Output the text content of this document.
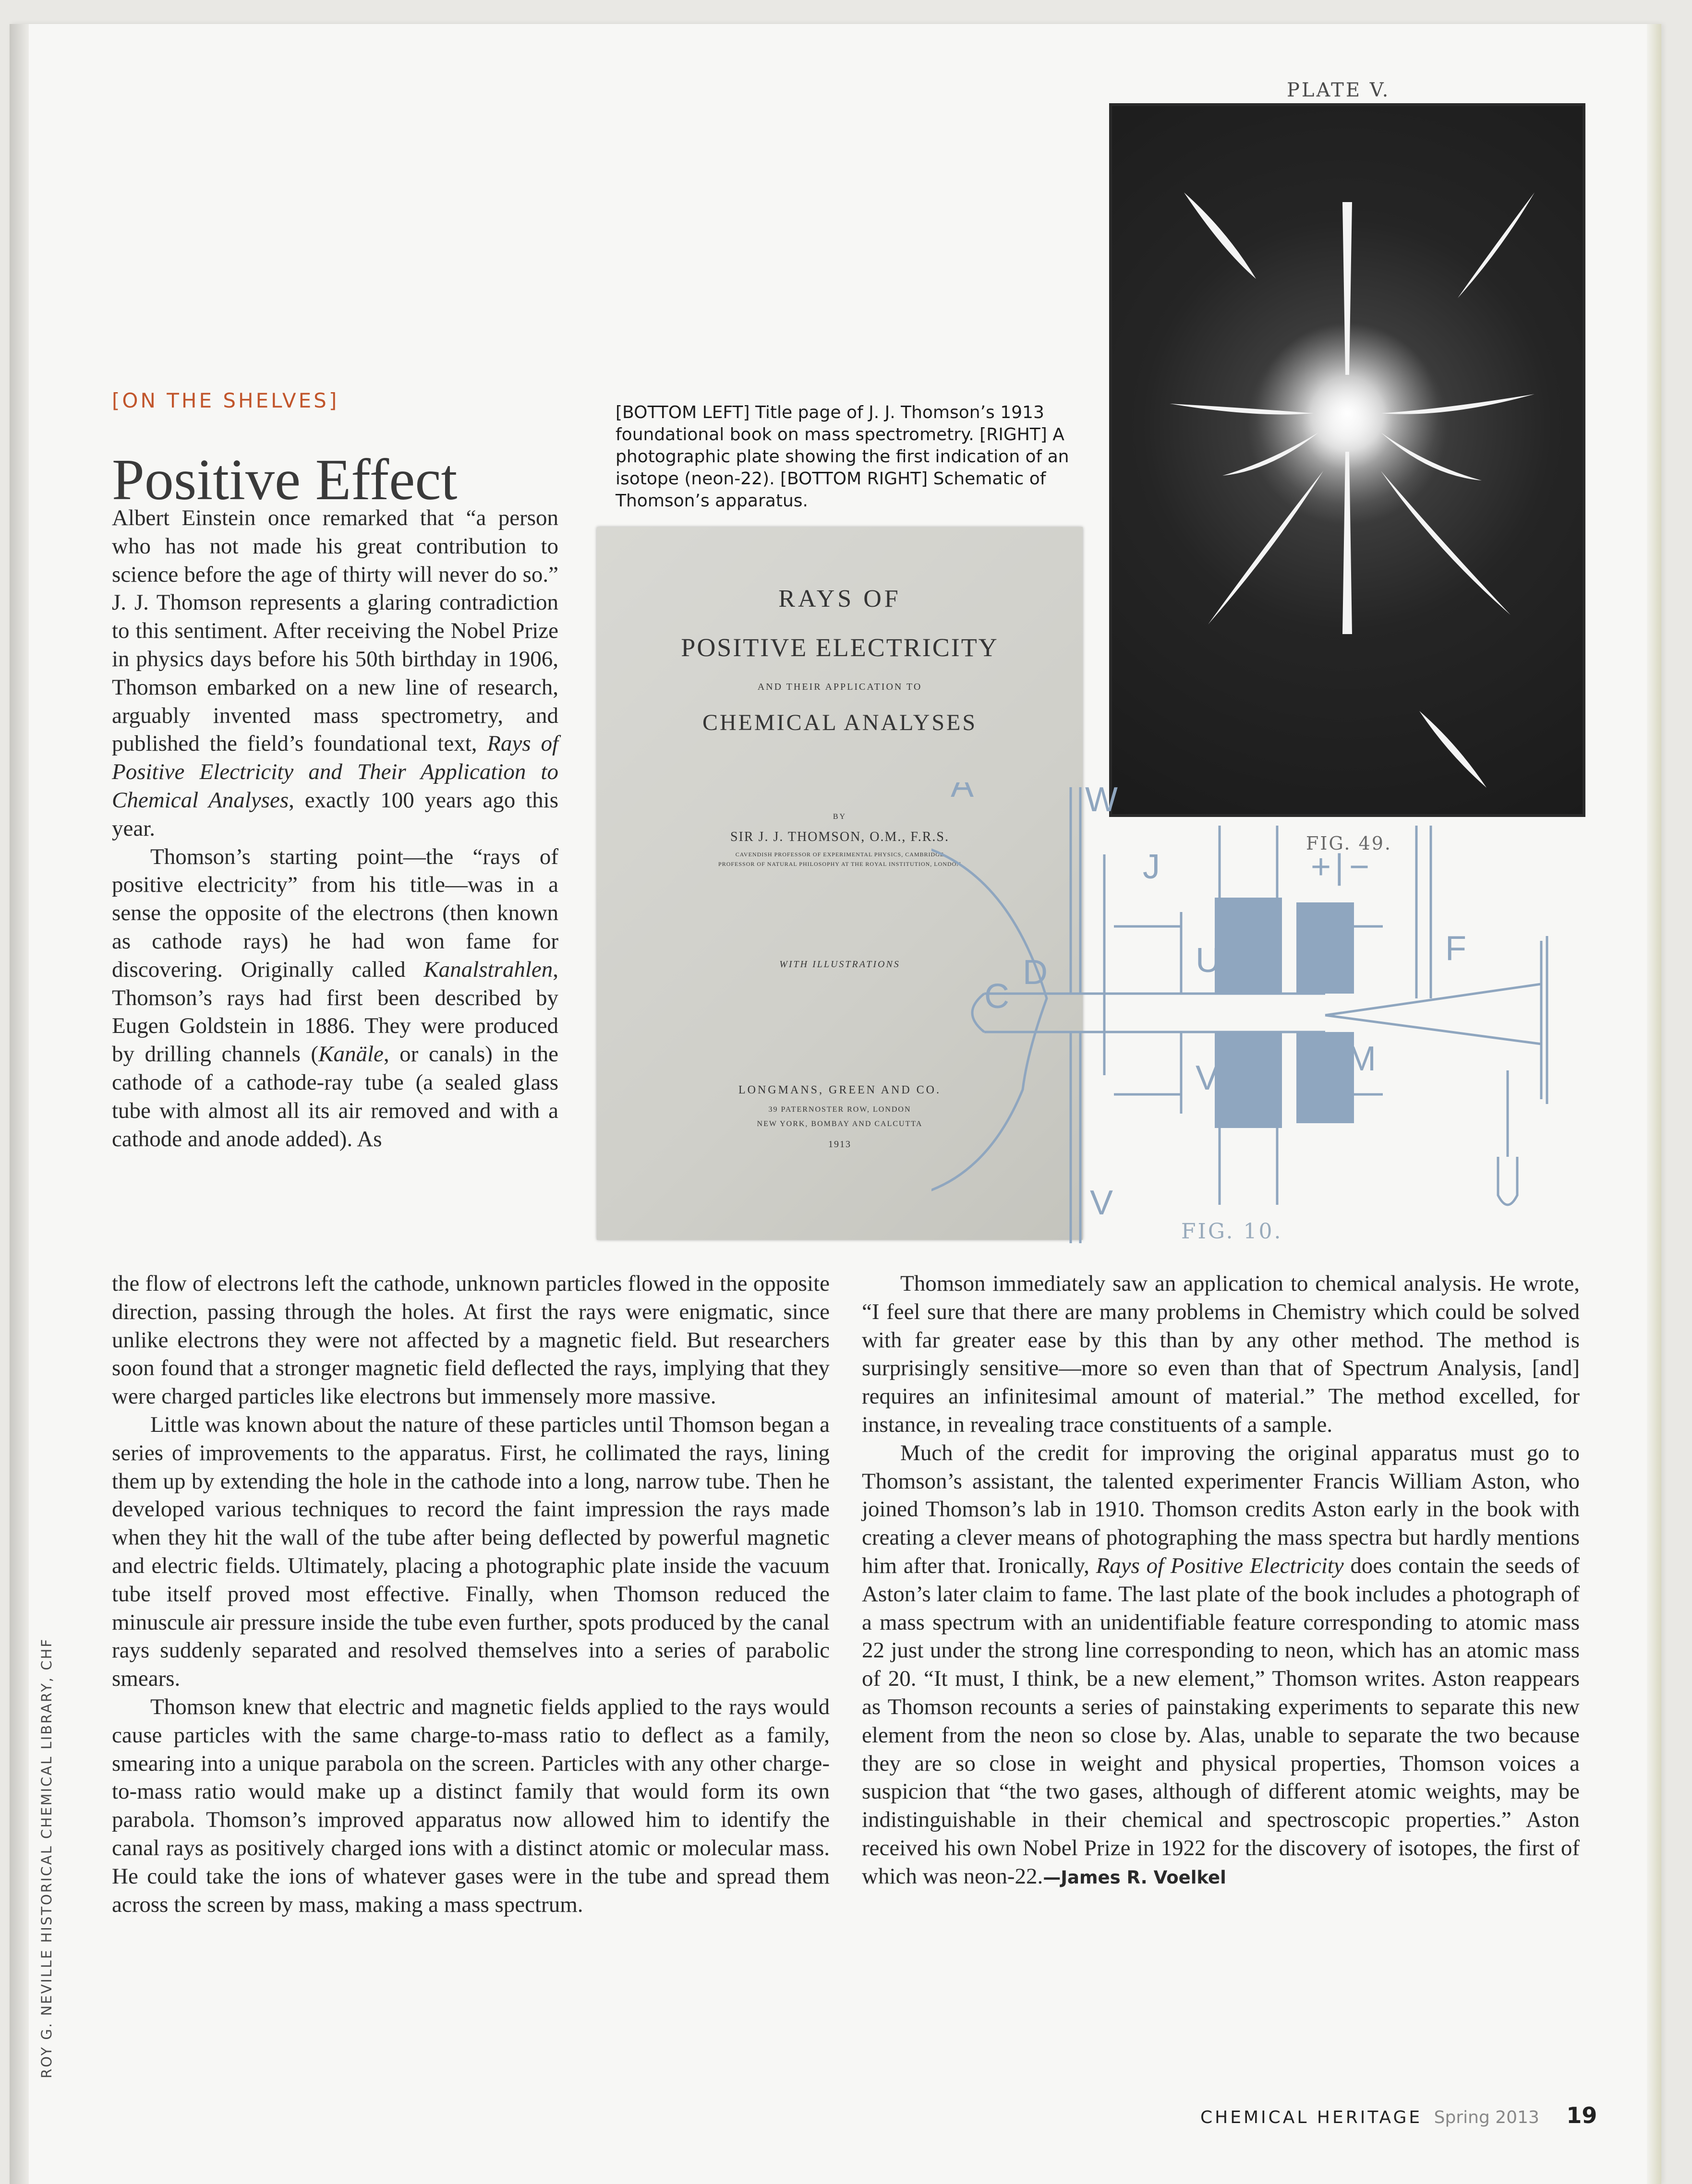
[ON THE SHELVES]
Positive Effect
[BOTTOM LEFT] Title page of J. J. Thomson’s 1913 foundational book on mass spectrometry. [RIGHT] A photographic plate showing the first indication of an isotope (neon-22). [BOTTOM RIGHT] Schematic of Thomson’s apparatus.
PLATE V.
FIG. 49.
RAYS OF
POSITIVE ELECTRICITY
AND THEIR APPLICATION TO
CHEMICAL ANALYSES
BY
SIR J. J. THOMSON, O.M., F.R.S.
CAVENDISH PROFESSOR OF EXPERIMENTAL PHYSICS, CAMBRIDGE
PROFESSOR OF NATURAL PHILOSOPHY AT THE ROYAL INSTITUTION, LONDON
WITH ILLUSTRATIONS
LONGMANS, GREEN AND CO.
39 PATERNOSTER ROW, LONDON
NEW YORK, BOMBAY AND CALCUTTA
1913
W
A
J
U PL
+ | −
F
D
C
V	QM
V
FIG. 10.

Albert Einstein once remarked that “a person who has not made his great contribution to science before the age of thirty will never do so.” J. J. Thomson represents a glaring contradiction to this sentiment. After receiving the Nobel Prize in physics days before his 50th birthday in 1906, Thomson embarked on a new line of research, arguably invented mass spectrometry, and published the field’s foundational text, Rays of Positive Electricity and Their Application to Chemical Analyses, exactly 100 years ago this year.

Thomson’s starting point—the “rays of positive electricity” from his title—was in a sense the opposite of the electrons (then known as cathode rays) he had won fame for discovering. Originally called Kanalstrahlen, Thomson’s rays had first been described by Eugen Goldstein in 1886. They were produced by drilling channels (Kanäle, or canals) in the cathode of a cathode-ray tube (a sealed glass tube with almost all its air removed and with a cathode and anode added). As

the flow of electrons left the cathode, unknown particles flowed in the opposite direction, passing through the holes. At first the rays were enigmatic, since unlike electrons they were not affected by a magnetic field. But researchers soon found that a stronger magnetic field deflected the rays, implying that they were charged particles like electrons but immensely more massive.

Little was known about the nature of these particles until Thomson began a series of improvements to the apparatus. First, he collimated the rays, lining them up by extending the hole in the cathode into a long, narrow tube. Then he developed various techniques to record the faint impression the rays made when they hit the wall of the tube after being deflected by powerful magnetic and electric fields. Ultimately, placing a photographic plate inside the vacuum tube itself proved most effective. Finally, when Thomson reduced the minuscule air pressure inside the tube even further, spots produced by the canal rays suddenly separated and resolved themselves into a series of parabolic smears.

Thomson knew that electric and magnetic fields applied to the rays would cause particles with the same charge-to-mass ratio to deflect as a family, smearing into a unique parabola on the screen. Particles with any other charge-to-mass ratio would make up a distinct family that would form its own parabola. Thomson’s improved apparatus now allowed him to identify the canal rays as positively charged ions with a distinct atomic or molecular mass. He could take the ions of whatever gases were in the tube and spread them across the screen by mass, making a mass spectrum.

Thomson immediately saw an application to chemical analysis. He wrote, “I feel sure that there are many problems in Chemistry which could be solved with far greater ease by this than by any other method. The method is surprisingly sensitive—more so even than that of Spectrum Analysis, [and] requires an infinitesimal amount of material.” The method excelled, for instance, in revealing trace constituents of a sample.

Much of the credit for improving the original apparatus must go to Thomson’s assistant, the talented experimenter Francis William Aston, who joined Thomson’s lab in 1910. Thomson credits Aston early in the book with creating a clever means of photographing the mass spectra but hardly mentions him after that. Ironically, Rays of Positive Electricity does contain the seeds of Aston’s later claim to fame. The last plate of the book includes a photograph of a mass spectrum with an unidentifiable feature corresponding to atomic mass 22 just under the strong line corresponding to neon, which has an atomic mass of 20. “It must, I think, be a new element,” Thomson writes. Aston reappears as Thomson recounts a series of painstaking experiments to separate this new element from the neon so close by. Alas, unable to separate the two because they are so close in weight and physical properties, Thomson voices a suspicion that “the two gases, although of different atomic weights, may be indistinguishable in their chemical and spectroscopic properties.” Aston received his own Nobel Prize in 1922 for the discovery of isotopes, the first of which was neon-22.—James R. Voelkel

ROY G. NEVILLE HISTORICAL CHEMICAL LIBRARY, CHF
CHEMICAL HERITAGE Spring 2013 19
